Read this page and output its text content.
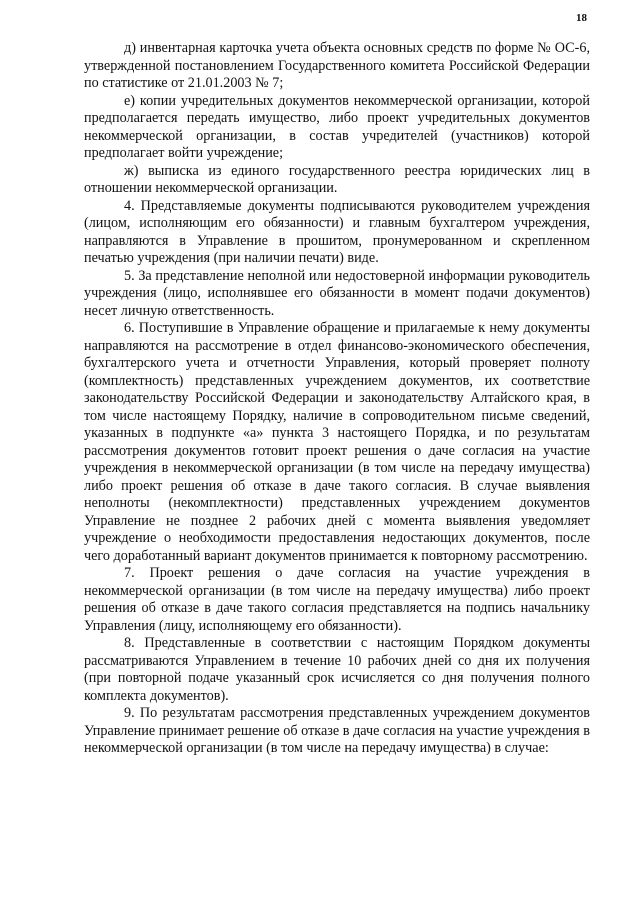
18

д) инвентарная карточка учета объекта основных средств по форме № ОС-6, утвержденной постановлением Государственного комитета Российской Федерации по статистике от 21.01.2003 № 7;

е) копии учредительных документов некоммерческой организации, которой предполагается передать имущество, либо проект учредительных документов некоммерческой организации, в состав учредителей (участников) которой предполагает войти учреждение;

ж) выписка из единого государственного реестра юридических лиц в отношении некоммерческой организации.

4. Представляемые документы подписываются руководителем учреждения (лицом, исполняющим его обязанности) и главным бухгалтером учреждения, направляются в Управление в прошитом, пронумерованном и скрепленном печатью учреждения (при наличии печати) виде.

5. За представление неполной или недостоверной информации руководитель учреждения (лицо, исполнявшее его обязанности в момент подачи документов) несет личную ответственность.

6. Поступившие в Управление обращение и прилагаемые к нему документы направляются на рассмотрение в отдел финансово-экономического обеспечения, бухгалтерского учета и отчетности Управления, который проверяет полноту (комплектность) представленных учреждением документов, их соответствие законодательству Российской Федерации и законодательству Алтайского края, в том числе настоящему Порядку, наличие в сопроводительном письме сведений, указанных в подпункте «а» пункта 3 настоящего Порядка, и по результатам рассмотрения документов готовит проект решения о даче согласия на участие учреждения в некоммерческой организации (в том числе на передачу имущества) либо проект решения об отказе в даче такого согласия. В случае выявления неполноты (некомплектности) представленных учреждением документов Управление не позднее 2 рабочих дней с момента выявления уведомляет учреждение о необходимости предоставления недостающих документов, после чего доработанный вариант документов принимается к повторному рассмотрению.

7. Проект решения о даче согласия на участие учреждения в некоммерческой организации (в том числе на передачу имущества) либо проект решения об отказе в даче такого согласия представляется на подпись начальнику Управления (лицу, исполняющему его обязанности).

8. Представленные в соответствии с настоящим Порядком документы рассматриваются Управлением в течение 10 рабочих дней со дня их получения (при повторной подаче указанный срок исчисляется со дня получения полного комплекта документов).

9. По результатам рассмотрения представленных учреждением документов Управление принимает решение об отказе в даче согласия на участие учреждения в некоммерческой организации (в том числе на передачу имущества) в случае:
